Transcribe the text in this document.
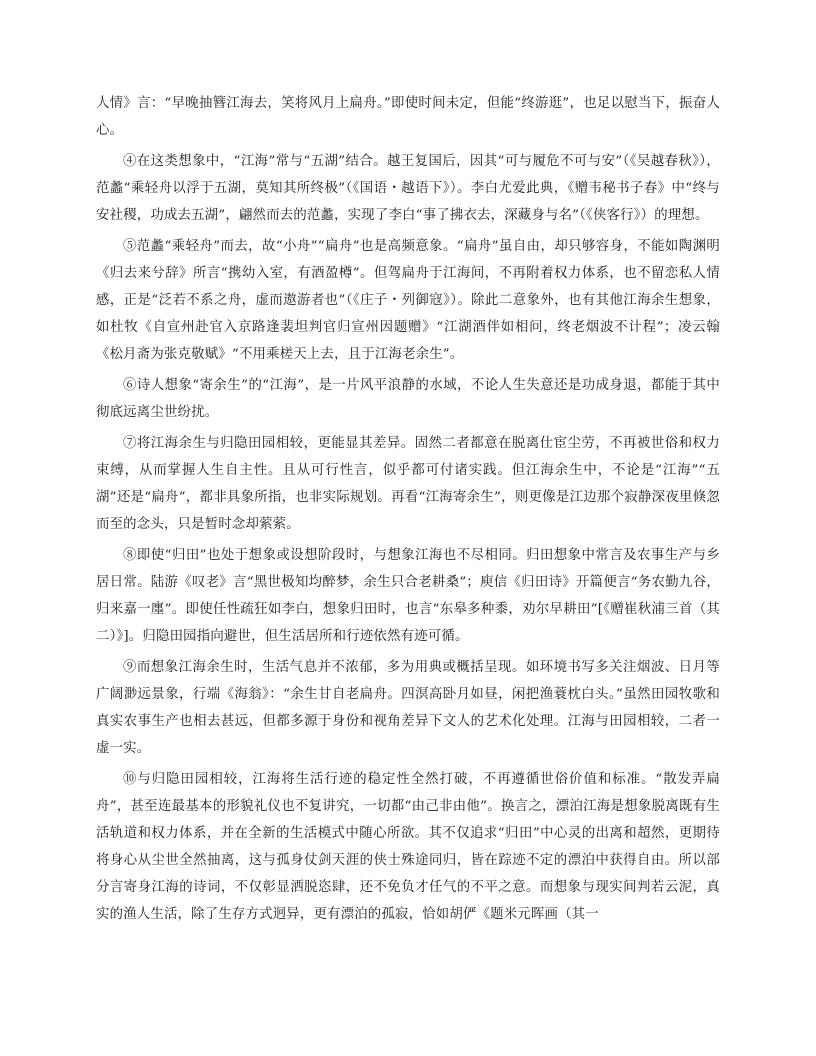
人情》言：“早晚抽簪江海去，笑将风月上扁舟。”即使时间未定，但能“终游逛”，也足以慰当下，振奋人心。

④在这类想象中，“江海”常与“五湖”结合。越王复国后，因其“可与履危不可与安”（《吴越春秋》），范蠡“乘轻舟以浮于五湖，莫知其所终极”（《国语・越语下》）。李白尤爱此典，《赠韦秘书子春》中“终与安社稷，功成去五湖”，翩然而去的范蠡，实现了李白“事了拂衣去，深藏身与名”（《侠客行》）的理想。

⑤范蠡“乘轻舟”而去，故“小舟”“扁舟”也是高频意象。“扁舟”虽自由，却只够容身，不能如陶渊明《归去来兮辞》所言“携幼入室，有酒盈樽”。但驾扁舟于江海间，不再附着权力体系，也不留恋私人情感，正是“泛若不系之舟，虚而遨游者也”（《庄子・列御寇》）。除此二意象外，也有其他江海余生想象，如杜牧《自宣州赴官入京路逢裴坦判官归宣州因题赠》“江湖酒伴如相问，终老烟波不计程”；凌云翰《松月斋为张克敬赋》“不用乘槎天上去，且于江海老余生”。

⑥诗人想象“寄余生”的“江海”，是一片风平浪静的水域，不论人生失意还是功成身退，都能于其中彻底远离尘世纷扰。

⑦将江海余生与归隐田园相较，更能显其差异。固然二者都意在脱离仕宦尘劳，不再被世俗和权力束缚，从而掌握人生自主性。且从可行性言，似乎都可付诸实践。但江海余生中，不论是“江海”“五湖”还是“扁舟”，都非具象所指，也非实际规划。再看“江海寄余生”，则更像是江边那个寂静深夜里倏忽而至的念头，只是暂时念却萦萦。

⑧即使“归田”也处于想象或设想阶段时，与想象江海也不尽相同。归田想象中常言及农事生产与乡居日常。陆游《叹老》言“黑世极知均醉梦，余生只合老耕桑”；庾信《归田诗》开篇便言“务农勤九谷，归来嘉一廛”。即使任性疏狂如李白，想象归田时，也言“东皋多种黍，劝尔早耕田”[《赠崔秋浦三首（其二）》]。归隐田园指向避世，但生活居所和行迹依然有迹可循。

⑨而想象江海余生时，生活气息并不浓郁，多为用典或概括呈现。如环境书写多关注烟波、日月等广阔渺远景象，行端《海翁》：“余生甘自老扁舟。四溟高卧月如昼，闲把渔蓑枕白头。”虽然田园牧歌和真实农事生产也相去甚远，但都多源于身份和视角差异下文人的艺术化处理。江海与田园相较，二者一虚一实。

⑩与归隐田园相较，江海将生活行迹的稳定性全然打破，不再遵循世俗价值和标准。“散发弄扁舟”，甚至连最基本的形貌礼仪也不复讲究，一切都“由己非由他”。换言之，漂泊江海是想象脱离既有生活轨道和权力体系，并在全新的生活模式中随心所欲。其不仅追求“归田”中心灵的出离和超然，更期待将身心从尘世全然抽离，这与孤身仗剑天涯的侠士殊途同归，皆在踪迹不定的漂泊中获得自由。所以部分言寄身江海的诗词，不仅彰显洒脱恣肆，还不免负才任气的不平之意。而想象与现实间判若云泥，真实的渔人生活，除了生存方式迥异，更有漂泊的孤寂，恰如胡俨《题米元晖画（其一
